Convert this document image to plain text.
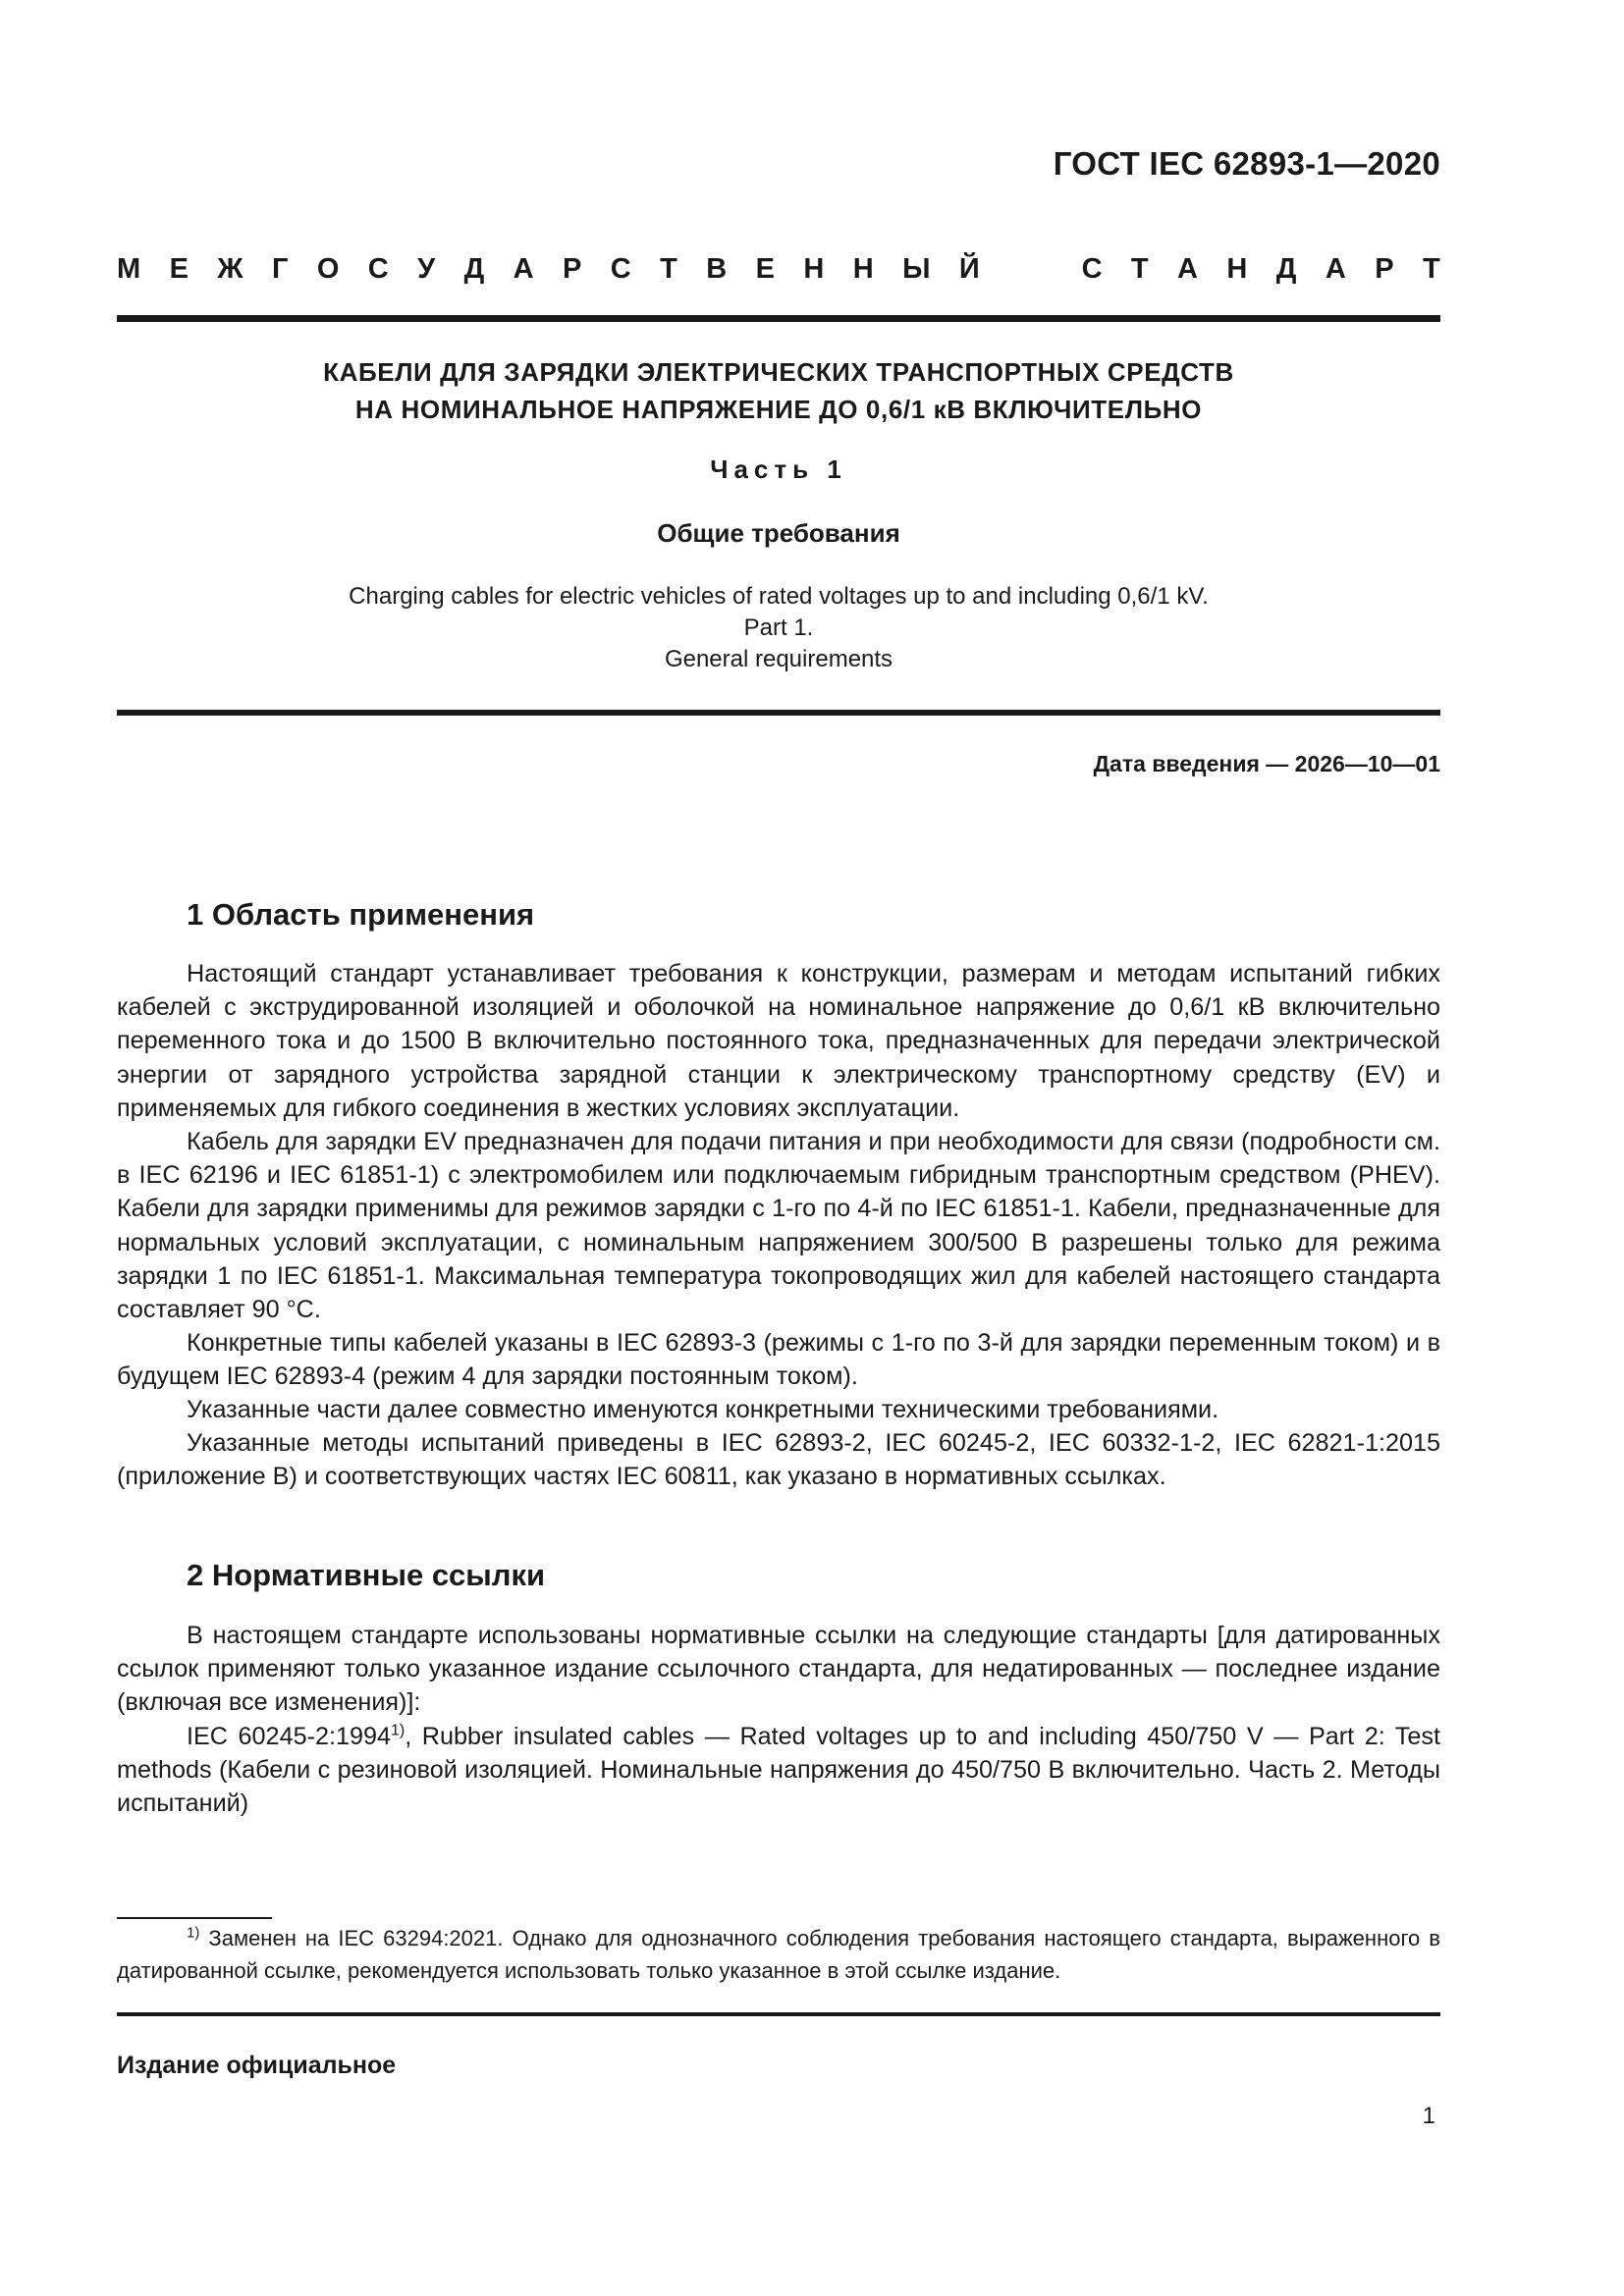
ГОСТ IEC 62893-1—2020
М Е Ж Г О С У Д А Р С Т В Е Н Н Ы Й	С Т А Н Д А Р Т
КАБЕЛИ ДЛЯ ЗАРЯДКИ ЭЛЕКТРИЧЕСКИХ ТРАНСПОРТНЫХ СРЕДСТВ
НА НОМИНАЛЬНОЕ НАПРЯЖЕНИЕ ДО 0,6/1 кВ ВКЛЮЧИТЕЛЬНО
Часть 1
Общие требования
Charging cables for electric vehicles of rated voltages up to and including 0,6/1 kV.
Part 1.
General requirements
Дата введения — 2026—10—01
1 Область применения
Настоящий стандарт устанавливает требования к конструкции, размерам и методам испытаний гибких кабелей с экструдированной изоляцией и оболочкой на номинальное напряжение до 0,6/1 кВ включительно переменного тока и до 1500 В включительно постоянного тока, предназначенных для передачи электрической энергии от зарядного устройства зарядной станции к электрическому транспортному средству (EV) и применяемых для гибкого соединения в жестких условиях эксплуатации.
Кабель для зарядки EV предназначен для подачи питания и при необходимости для связи (подробности см. в IEC 62196 и IEC 61851-1) с электромобилем или подключаемым гибридным транспортным средством (PHEV). Кабели для зарядки применимы для режимов зарядки с 1-го по 4-й по IEC 61851-1. Кабели, предназначенные для нормальных условий эксплуатации, с номинальным напряжением 300/500 В разрешены только для режима зарядки 1 по IEC 61851-1. Максимальная температура токопроводящих жил для кабелей настоящего стандарта составляет 90 °C.
Конкретные типы кабелей указаны в IEC 62893-3 (режимы с 1-го по 3-й для зарядки переменным током) и в будущем IEC 62893-4 (режим 4 для зарядки постоянным током).
Указанные части далее совместно именуются конкретными техническими требованиями.
Указанные методы испытаний приведены в IEC 62893-2, IEC 60245-2, IEC 60332-1-2, IEC 62821-1:2015 (приложение B) и соответствующих частях IEC 60811, как указано в нормативных ссылках.
2 Нормативные ссылки
В настоящем стандарте использованы нормативные ссылки на следующие стандарты [для датированных ссылок применяют только указанное издание ссылочного стандарта, для недатированных — последнее издание (включая все изменения)]:
IEC 60245-2:1994$^{1)}$, Rubber insulated cables — Rated voltages up to and including 450/750 V — Part 2: Test methods (Кабели с резиновой изоляцией. Номинальные напряжения до 450/750 В включительно. Часть 2. Методы испытаний)
$^{1)}$ Заменен на IEC 63294:2021. Однако для однозначного соблюдения требования настоящего стандарта, выраженного в датированной ссылке, рекомендуется использовать только указанное в этой ссылке издание.
Издание официальное
1
